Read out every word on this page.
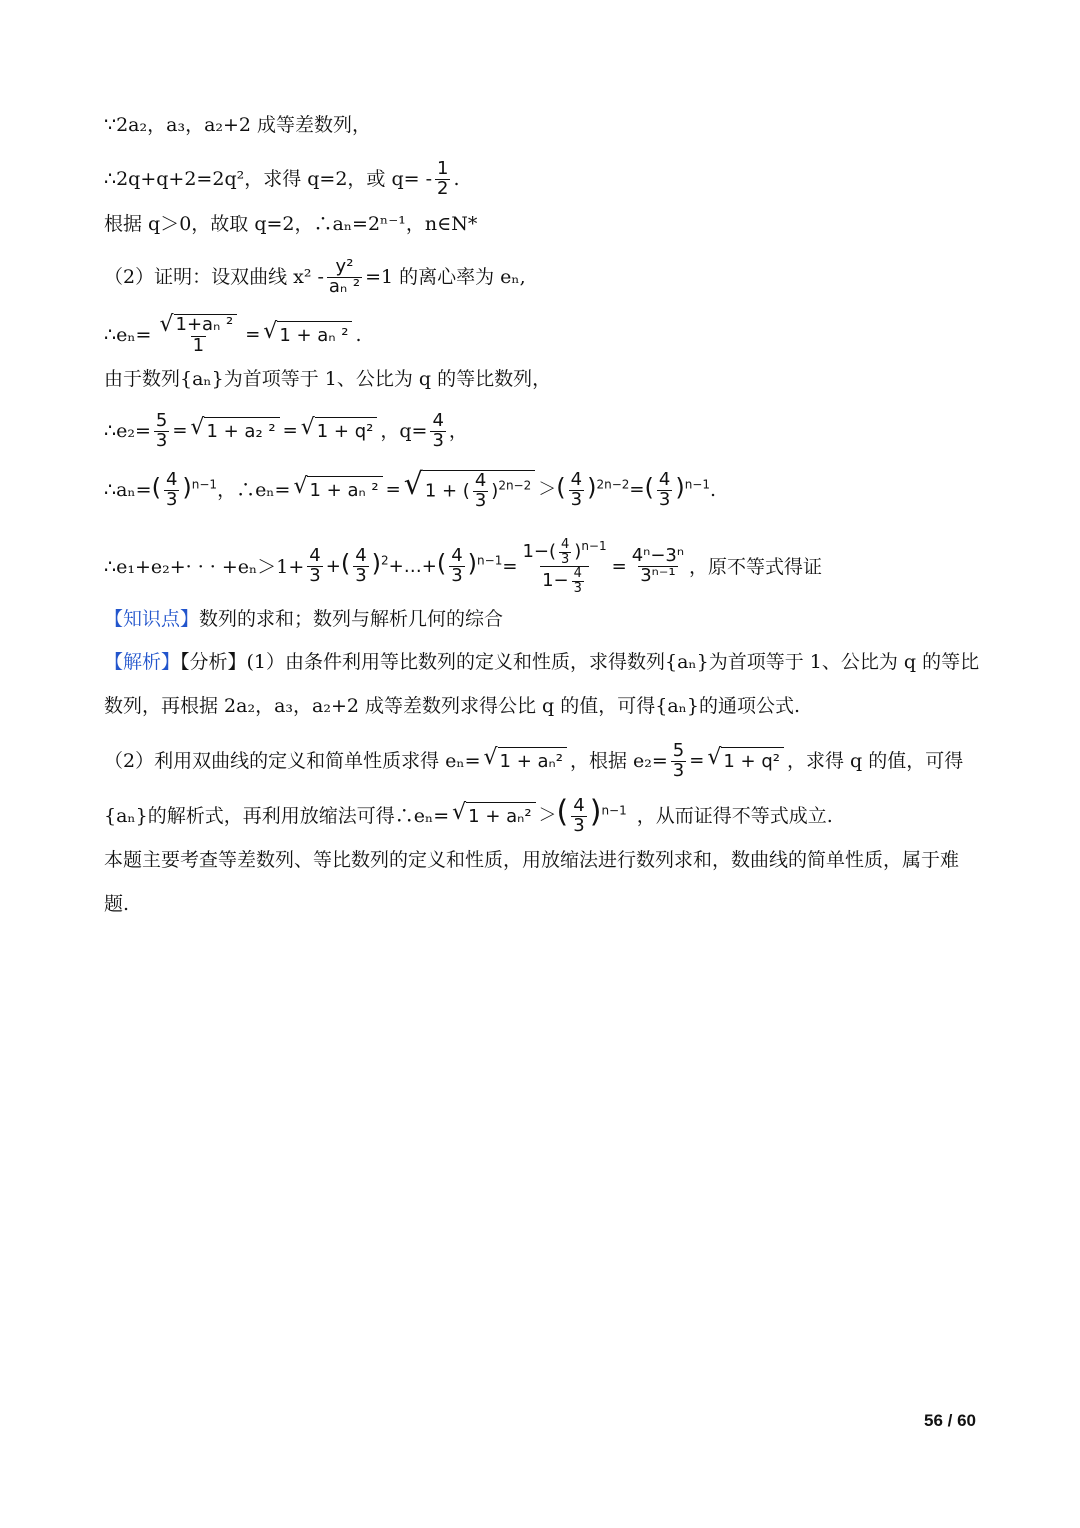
∵2a₂，a₃，a₂+2 成等差数列，
∴2q+q+2=2q²，求得 q=2，或 $q= - \frac{1}{2}$ .
根据 q＞0，故取 q=2，∴aₙ=2ⁿ⁻¹，n∈N*
（2）证明：设双曲线 $x^2 - \frac{\text{y²}}{\text{aₙ ²}} =1$ 的离心率为 eₙ,
∴eₙ= $\frac{\text{√ 1+aₙ ²}}{1}$ = √ 1 + aₙ ² .
由于数列{aₙ}为首项等于 1、公比为 q 的等比数列，
∴e₂= $\frac{5}{3}$ = √ 1 + a₂ ² = √ 1 + q² ，$q= \frac{4}{3}$ ，
∴aₙ= ( $\frac{4}{3} )^{n-1}$ ，∴eₙ= √ 1 + aₙ ² = √ 1 + ( $\frac{4}{3} )^{2n-2}$ ＞ ( $\frac{4}{3} )^{2n-2}$ = ( $\frac{4}{3} )^{n-1}$ .
∴e₁+e₂+· · · $+e_n>1+ \frac{4}{3}$ + ( $\frac{4}{3} )^2$ +…+ ( $\frac{4}{3} )^{n-1} = \frac{1-( \frac{4}{3} )^{n-1}}{1- \frac{4}{3}} = \frac{\text{4ⁿ−3ⁿ}}{\text{3ⁿ⁻¹}}$ ，原不等式得证
【知识点】 数列的求和；数列与解析几何的综合
【解析】【分析】(1）由条件利用等比数列的定义和性质，求得数列{aₙ}为首项等于 1、公比为 q 的等比数列，再根据 2a₂，a₃，a₂+2 成等差数列求得公比 q 的值，可得{aₙ}的通项公式.
（2）利用双曲线的定义和简单性质求得 eₙ= √ 1 + aₙ² ，根据 $e_2= \frac{5}{3}$ = √ 1 + q² ，求得 q 的值，可得
{aₙ}的解析式，再利用放缩法可得∴eₙ= √ 1 + aₙ² ＞ ( $\frac{4}{3} )^{n-1}$ ，从而证得不等式成立.
本题主要考查等差数列、等比数列的定义和性质，用放缩法进行数列求和，数曲线的简单性质，属于难题.
56 / 60
